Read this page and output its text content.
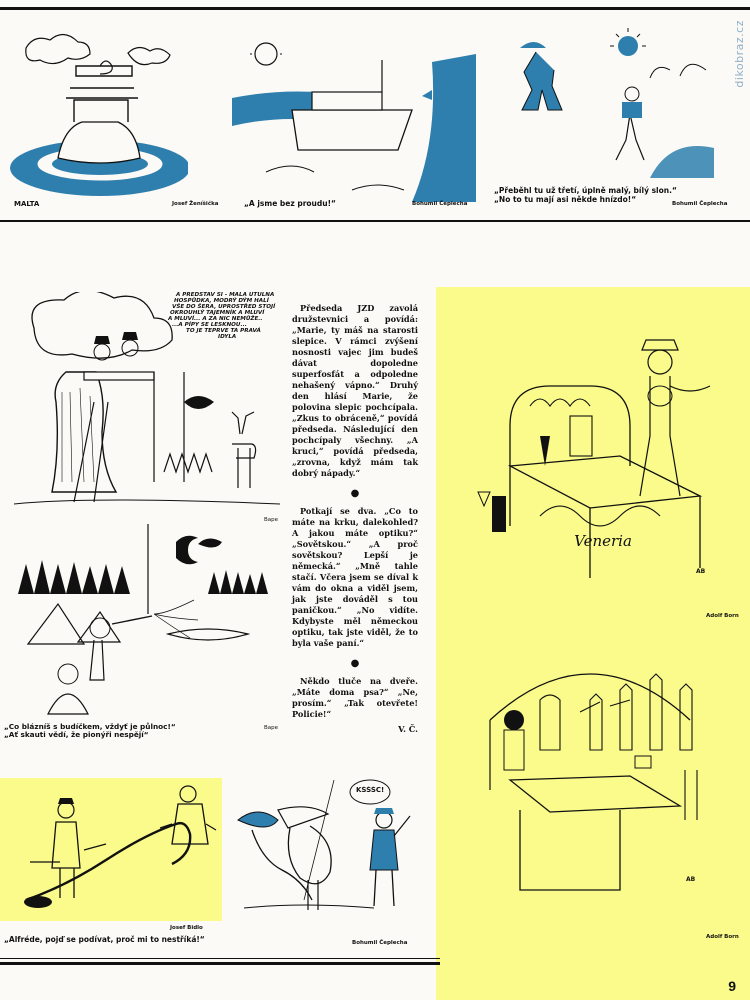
dikobraz.cz
MALTA	Josef Ženíšička	„A jsme bez proudu!“	Bohumil Čeplecha
„Přeběhl tu už třetí, úplně malý, bílý slon.“
„No to tu mají asi někde hnízdo!“
Bohumil Čeplecha
A PŘEDSTAV SI - MALÁ ÚTULNÁ
HOSPŮDKA, MODRÝ DÝM HALÍ
VŠE DO ŠERA, UPROSTŘED STOJÍ
OKROUHLÝ TAJEMNÍK A MLUVÍ
A MLUVÍ... A ZA NIC NEMŮŽE..
...A PÍPY SE LESKNOU...
TO JE TEPRVE TA PRAVÁ
IDYLA
Bape
„Co blázníš s budíčkem, vždyť je půlnoc!“
„Ať skauti vědí, že pionýři nespějí“
Bape

Předseda JZD zavolá družstevnici a povídá: „Marie, ty máš na starosti slepice. V rámci zvýšení nosnosti vajec jim budeš dávat dopoledne superfosfát a odpoledne nehašený vápno.“ Druhý den hlásí Marie, že polovina slepic pochcípala. „Zkus to obráceně,“ povídá předseda. Následující den pochcípaly všechny. „A kruci,“ povídá předseda, „zrovna, když mám tak dobrý nápady.“

●

Potkají se dva. „Co to máte na krku, dalekohled? A jakou máte optiku?“ „Sovětskou.“ „A proč sovětskou? Lepší je německá.“ „Mně tahle stačí. Včera jsem se díval k vám do okna a viděl jsem, jak jste dováděl s tou paničkou.“ „No vidíte. Kdybyste měl německou optiku, tak jste viděl, že to byla vaše paní.“

●

Někdo tluče na dveře. „Máte doma psa?“ „Ne, prosím.“ „Tak otevřete! Policie!“

V. Č.
Veneria
AB
Adolf Born
AB
Adolf Born
Josef Bidlo
„Alfréde, pojď se podívat, proč mi to nestříká!“
KŠŠŠC!
Bohumil Čeplecha
9
